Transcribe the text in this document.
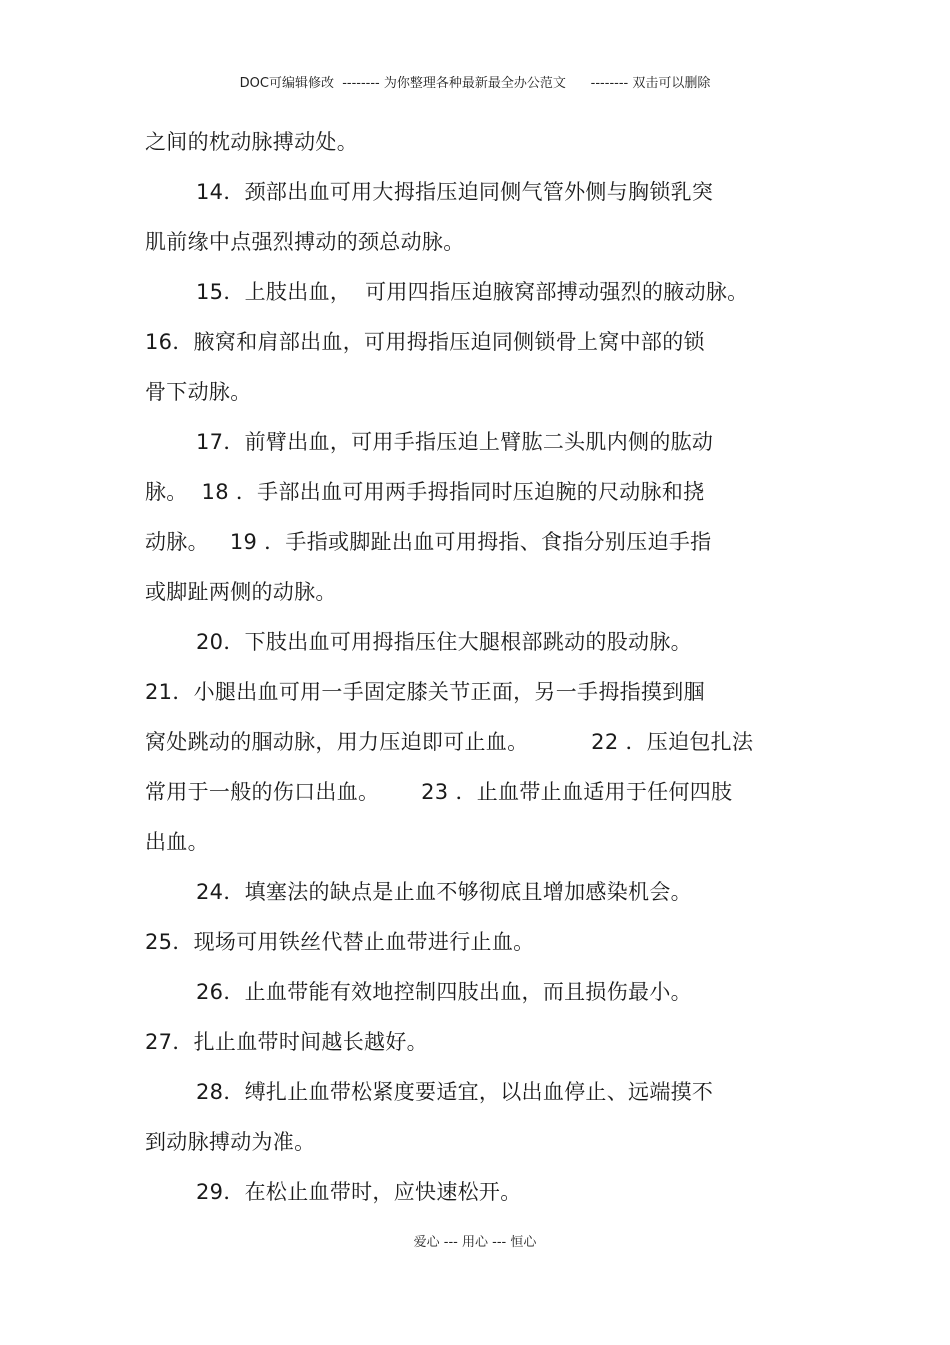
DOC可编辑修改  -------- 为你整理各种最新最全办公范文      -------- 双击可以删除
之间的枕动脉搏动处。
14．颈部出血可用大拇指压迫同侧气管外侧与胸锁乳突
肌前缘中点强烈搏动的颈总动脉。
15．上肢出血，  可用四指压迫腋窝部搏动强烈的腋动脉。
16．腋窝和肩部出血，可用拇指压迫同侧锁骨上窝中部的锁
骨下动脉。
17．前臂出血，可用手指压迫上臂肱二头肌内侧的肱动
脉。  18 ．手部出血可用两手拇指同时压迫腕的尺动脉和挠
动脉。   19 ．手指或脚趾出血可用拇指、食指分别压迫手指
或脚趾两侧的动脉。
20．下肢出血可用拇指压住大腿根部跳动的股动脉。
21．小腿出血可用一手固定膝关节正面，另一手拇指摸到腘
窝处跳动的腘动脉，用力压迫即可止血。         22 ．压迫包扎法
常用于一般的伤口出血。      23 ．止血带止血适用于任何四肢
出血。
24．填塞法的缺点是止血不够彻底且增加感染机会。
25．现场可用铁丝代替止血带进行止血。
26．止血带能有效地控制四肢出血，而且损伤最小。
27．扎止血带时间越长越好。
28．缚扎止血带松紧度要适宜，以出血停止、远端摸不
到动脉搏动为准。
29．在松止血带时，应快速松开。
爱心 --- 用心 --- 恒心
